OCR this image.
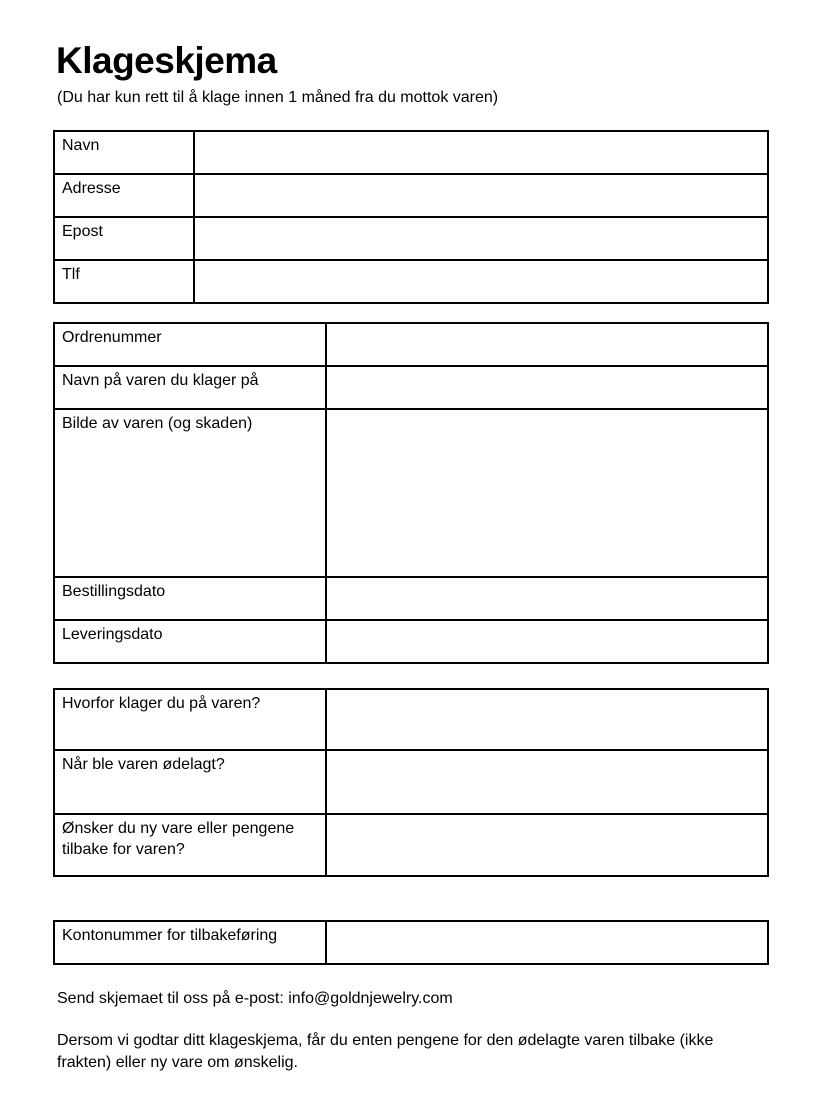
Klageskjema

(Du har kun rett til å klage innen 1 måned fra du mottok varen)

Navn	
Adresse	
Epost	
Tlf	
Ordrenummer	
Navn på varen du klager på	
Bilde av varen (og skaden)	
Bestillingsdato	
Leveringsdato	
Hvorfor klager du på varen?	
Når ble varen ødelagt?	
Ønsker du ny vare eller pengene tilbake for varen?	
Kontonummer for tilbakeføring	

Send skjemaet til oss på e-post: info@goldnjewelry.com

Dersom vi godtar ditt klageskjema, får du enten pengene for den ødelagte varen tilbake (ikke frakten) eller ny vare om ønskelig.
